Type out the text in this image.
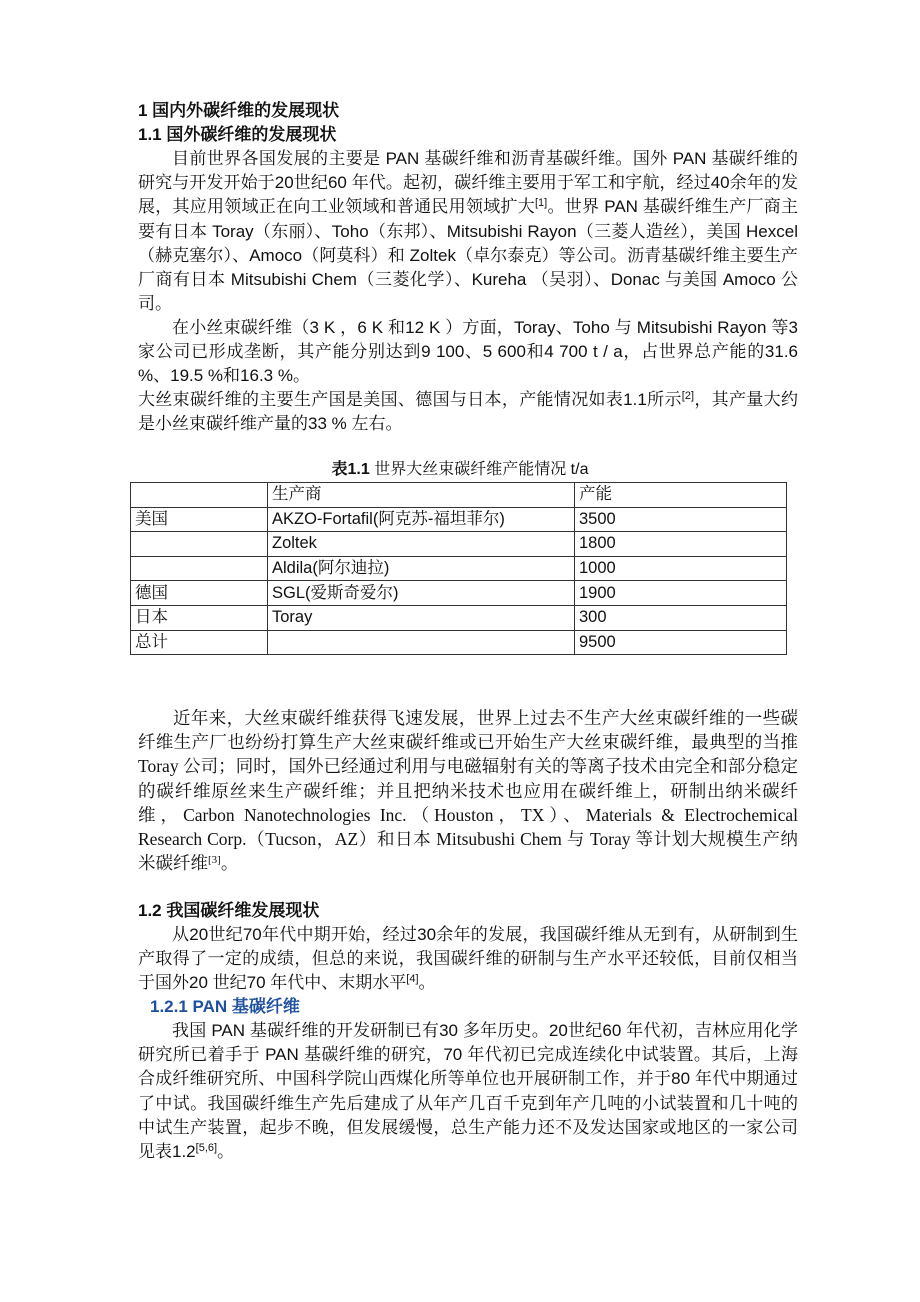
1 国内外碳纤维的发展现状
1.1 国外碳纤维的发展现状

目前世界各国发展的主要是 PAN 基碳纤维和沥青基碳纤维。国外 PAN 基碳纤维的研究与开发开始于20世纪60 年代。起初，碳纤维主要用于军工和宇航，经过40余年的发展，其应用领域正在向工业领域和普通民用领域扩大[1]。世界 PAN 基碳纤维生产厂商主要有日本 Toray（东丽）、Toho（东邦）、Mitsubishi Rayon（三菱人造丝），美国 Hexcel（赫克塞尔）、Amoco（阿莫科）和 Zoltek（卓尔泰克）等公司。沥青基碳纤维主要生产厂商有日本 Mitsubishi Chem（三菱化学）、Kureha （吴羽）、Donac 与美国 Amoco 公司。

在小丝束碳纤维（3 K ，6 K 和12 K ）方面，Toray、Toho 与 Mitsubishi Rayon 等3家公司已形成垄断，其产能分别达到9 100、5 600和4 700 t / a，占世界总产能的31.6 %、19.5 %和16.3 %。

大丝束碳纤维的主要生产国是美国、德国与日本，产能情况如表1.1所示[2]，其产量大约是小丝束碳纤维产量的33 % 左右。

表1.1 世界大丝束碳纤维产能情况 t/a
	生产商	产能
美国	AKZO-Fortafil(阿克苏-福坦菲尔)	3500
	Zoltek	1800
	Aldila(阿尔迪拉)	1000
德国	SGL(爱斯奇爱尔)	1900
日本	Toray	300
总计		9500

近年来，大丝束碳纤维获得飞速发展，世界上过去不生产大丝束碳纤维的一些碳纤维生产厂也纷纷打算生产大丝束碳纤维或已开始生产大丝束碳纤维，最典型的当推 Toray 公司；同时，国外已经通过利用与电磁辐射有关的等离子技术由完全和部分稳定的碳纤维原丝来生产碳纤维；并且把纳米技术也应用在碳纤维上，研制出纳米碳纤维，Carbon Nanotechnologies Inc.（Houston，TX）、Materials & Electrochemical Research Corp.（Tucson，AZ）和日本 Mitsubushi Chem 与 Toray 等计划大规模生产纳米碳纤维[3]。

1.2 我国碳纤维发展现状

从20世纪70年代中期开始，经过30余年的发展，我国碳纤维从无到有，从研制到生产取得了一定的成绩，但总的来说，我国碳纤维的研制与生产水平还较低，目前仅相当于国外20 世纪70 年代中、末期水平[4]。

1.2.1 PAN 基碳纤维

我国 PAN 基碳纤维的开发研制已有30 多年历史。20世纪60 年代初，吉林应用化学研究所已着手于 PAN 基碳纤维的研究，70 年代初已完成连续化中试装置。其后，上海合成纤维研究所、中国科学院山西煤化所等单位也开展研制工作，并于80 年代中期通过了中试。我国碳纤维生产先后建成了从年产几百千克到年产几吨的小试装置和几十吨的中试生产装置，起步不晚，但发展缓慢，总生产能力还不及发达国家或地区的一家公司见表1.2[5,6]。
